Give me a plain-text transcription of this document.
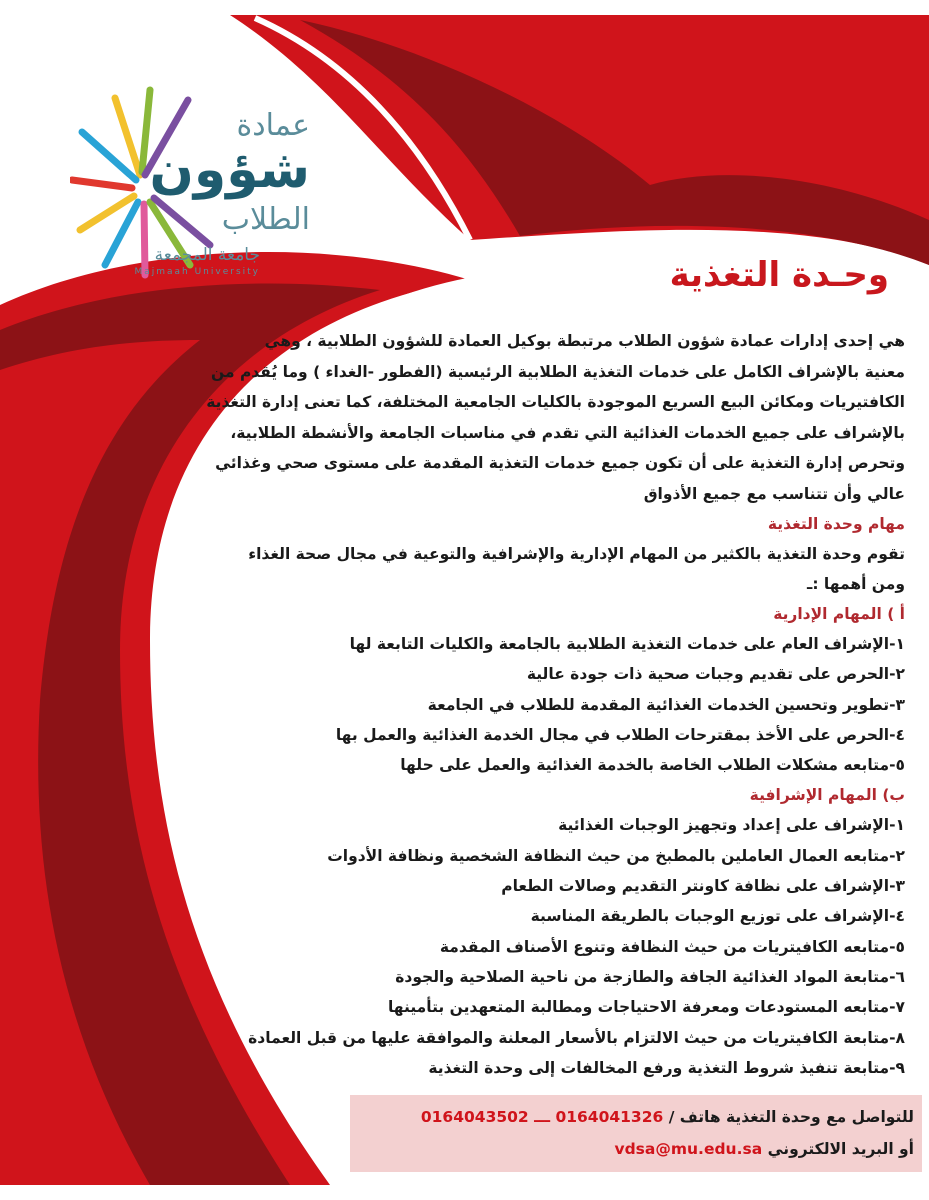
عمادة
شؤون
الطلاب
جامعة المجمعة
Majmaah University	وحـدة التغذية

هي إحدى إدارات عمادة شؤون الطلاب مرتبطة بوكيل العمادة للشؤون الطلابية ، وهي

معنية بالإشراف الكامل على خدمات التغذية الطلابية الرئيسية (الفطور -الغداء ) وما يُقدم من

الكافتيريات ومكائن البيع السريع الموجودة بالكليات الجامعية المختلفة، كما تعنى إدارة التغذية

بالإشراف على جميع الخدمات الغذائية التي تقدم في مناسبات الجامعة والأنشطة الطلابية،

وتحرص إدارة التغذية على أن تكون جميع خدمات التغذية المقدمة على مستوى صحي وغذائي

عالي وأن تتناسب مع جميع الأذواق

مهام وحدة التغذية

تقوم وحدة التغذية بالكثير من المهام الإدارية والإشرافية والتوعية في مجال صحة الغذاء

ومن أهمها :ـ

أ ) المهام الإدارية

١-الإشراف العام على خدمات التغذية الطلابية بالجامعة والكليات التابعة لها
٢-الحرص على تقديم وجبات صحية ذات جودة عالية
٣-تطوير وتحسين الخدمات الغذائية المقدمة للطلاب في الجامعة
٤-الحرص على الأخذ بمقترحات الطلاب في مجال الخدمة الغذائية والعمل بها
٥-متابعه مشكلات الطلاب الخاصة بالخدمة الغذائية والعمل على حلها

ب) المهام الإشرافية

١-الإشراف على إعداد وتجهيز الوجبات الغذائية
٢-متابعه العمال العاملين بالمطبخ من حيث النظافة الشخصية ونظافة الأدوات
٣-الإشراف على نظافة كاونتر التقديم وصالات الطعام
٤-الإشراف على توزيع الوجبات بالطريقة المناسبة
٥-متابعه الكافيتريات من حيث النظافة وتنوع الأصناف المقدمة
٦-متابعة المواد الغذائية الجافة والطازجة من ناحية الصلاحية والجودة
٧-متابعه المستودعات ومعرفة الاحتياجات ومطالبة المتعهدين بتأمينها
٨-متابعة الكافيتريات من حيث الالتزام بالأسعار المعلنة والموافقة عليها من قبل العمادة
٩-متابعة تنفيذ شروط التغذية ورفع المخالفات إلى وحدة التغذية
للتواصل مع وحدة التغذية هاتف / 0164041326 ـــ 0164043502
أو البريد الالكتروني vdsa@mu.edu.sa
